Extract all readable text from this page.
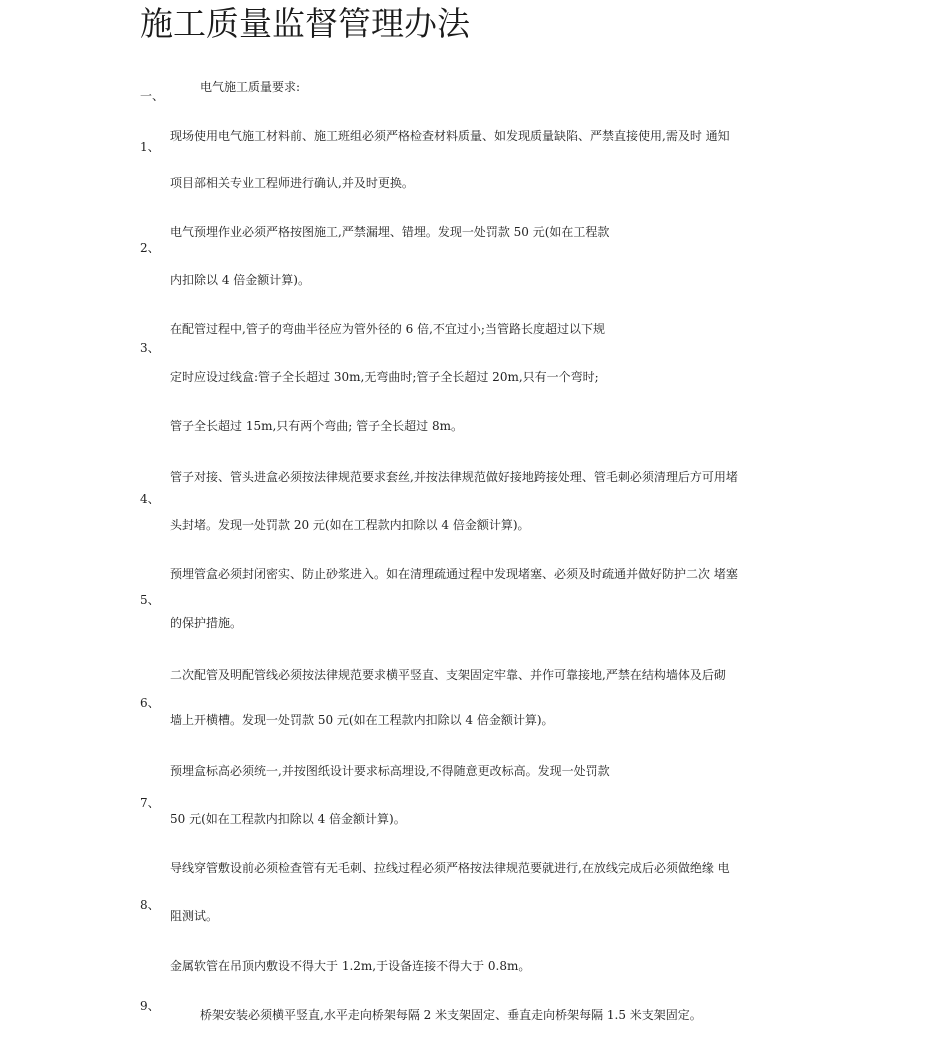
施工质量监督管理办法
一、
电气施工质量要求:
1、
现场使用电气施工材料前、施工班组必须严格检查材料质量、如发现质量缺陷、严禁直接使用,需及时 通知
项目部相关专业工程师进行确认,并及时更换。
2、
电气预埋作业必须严格按图施工,严禁漏埋、错埋。发现一处罚款 50 元(如在工程款
内扣除以 4 倍金额计算)。
3、
在配管过程中,管子的弯曲半径应为管外径的 6 倍,不宜过小;当管路长度超过以下规
定时应设过线盒:管子全长超过 30m,无弯曲时;管子全长超过 20m,只有一个弯时;
管子全长超过 15m,只有两个弯曲; 管子全长超过 8m。
4、
管子对接、管头进盒必须按法律规范要求套丝,并按法律规范做好接地跨接处理、管毛刺必须清理后方可用堵
头封堵。发现一处罚款 20 元(如在工程款内扣除以 4 倍金额计算)。
5、
预埋管盒必须封闭密实、防止砂浆进入。如在清理疏通过程中发现堵塞、必须及时疏通并做好防护二次 堵塞
的保护措施。
6、
二次配管及明配管线必须按法律规范要求横平竖直、支架固定牢靠、并作可靠接地,严禁在结构墙体及后砌
墙上开横槽。发现一处罚款 50 元(如在工程款内扣除以 4 倍金额计算)。
7、
预埋盒标高必须统一,并按图纸设计要求标高埋设,不得随意更改标高。发现一处罚款
50 元(如在工程款内扣除以 4 倍金额计算)。
8、
导线穿管敷设前必须检查管有无毛刺、拉线过程必须严格按法律规范要就进行,在放线完成后必须做绝缘 电
阻测试。
金属软管在吊顶内敷设不得大于 1.2m,于设备连接不得大于 0.8m。
9、
桥架安装必须横平竖直,水平走向桥架每隔 2 米支架固定、垂直走向桥架每隔 1.5 米支架固定。
